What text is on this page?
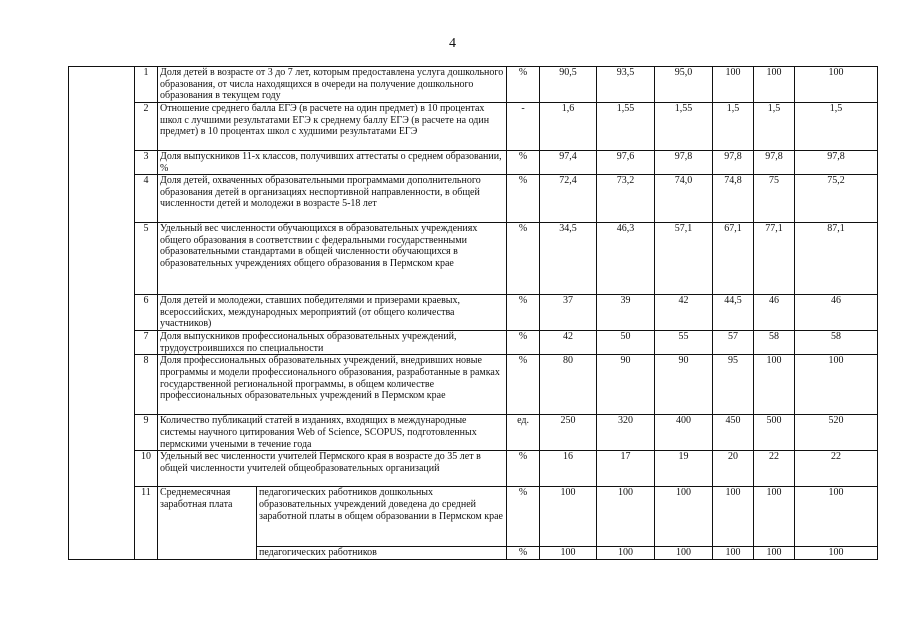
4
	1	Доля детей в возрасте от 3 до 7 лет, которым предоставлена услуга дошкольного образования, от числа находящихся в очереди на получение дошкольного образования в текущем году		%	90,5	93,5	95,0	100	100	100
	2	Отношение среднего балла ЕГЭ (в расчете на один предмет) в 10 процентах школ с лучшими результатами ЕГЭ к среднему баллу ЕГЭ (в расчете на один предмет) в 10 процентах школ с худшими результатами ЕГЭ		-	1,6	1,55	1,55	1,5	1,5	1,5
	3	Доля выпускников 11-х классов, получивших аттестаты о среднем образовании, %		%	97,4	97,6	97,8	97,8	97,8	97,8
	4	Доля детей, охваченных образовательными программами дополнительного образования детей в организациях неспортивной направленности, в общей численности детей и молодежи в возрасте 5-18 лет		%	72,4	73,2	74,0	74,8	75	75,2
	5	Удельный вес численности обучающихся в образовательных учреждениях общего образования в соответствии с федеральными государственными образовательными стандартами в общей численности обучающихся в образовательных учреждениях общего образования в Пермском крае		%	34,5	46,3	57,1	67,1	77,1	87,1
	6	Доля детей и молодежи, ставших победителями и призерами краевых, всероссийских, международных мероприятий (от общего количества участников)		%	37	39	42	44,5	46	46
	7	Доля выпускников профессиональных образовательных учреждений, трудоустроившихся по специальности		%	42	50	55	57	58	58
	8	Доля профессиональных образовательных учреждений, внедривших новые программы и модели профессионального образования, разработанные в рамках государственной региональной программы, в общем количестве профессиональных образовательных учреждений в Пермском крае		%	80	90	90	95	100	100
	9	Количество публикаций статей в изданиях, входящих в международные системы научного цитирования Web of Science, SCOPUS, подготовленных пермскими учеными в течение года		ед.	250	320	400	450	500	520
	10	Удельный вес численности учителей Пермского края в возрасте до 35 лет в общей численности учителей общеобразовательных организаций		%	16	17	19	20	22	22
	11	Среднемесячная заработная плата	педагогических работников дошкольных образовательных учреждений доведена до средней заработной платы в общем образовании в Пермском крае	%	100	100	100	100	100	100
			педагогических работников	%	100	100	100	100	100	100
